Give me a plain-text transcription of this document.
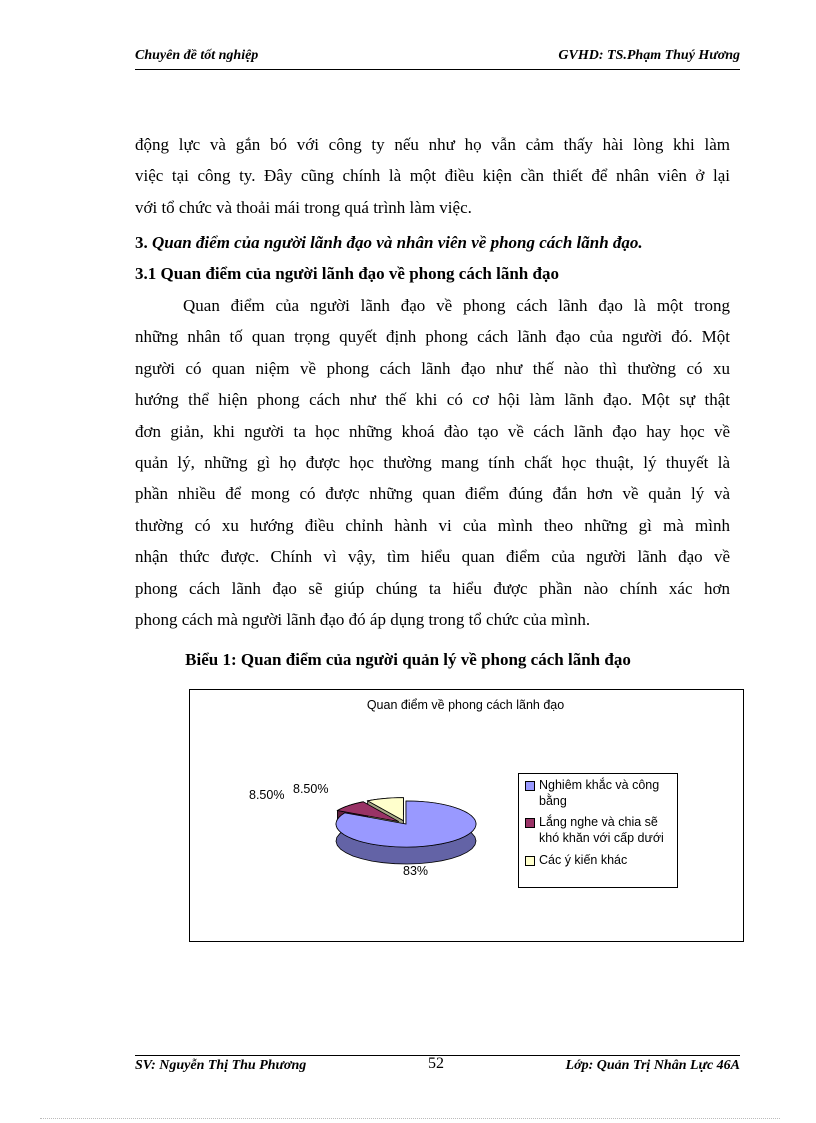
Chuyên đề tốt nghiệp	GVHD: TS.Phạm Thuý Hương
động lực và gắn bó với công ty nếu như họ vẫn cảm thấy hài lòng khi làm
việc tại công ty. Đây cũng chính là một điều kiện cần thiết để nhân viên ở lại
với tổ chức và thoải mái trong quá trình làm việc.
3. Quan điểm của người lãnh đạo và nhân viên về phong cách lãnh đạo.
3.1 Quan điểm của người lãnh đạo về phong cách lãnh đạo
Quan điểm của người lãnh đạo về phong cách lãnh đạo là một trong
những nhân tố quan trọng quyết định phong cách lãnh đạo của người đó. Một
người có quan niệm về phong cách lãnh đạo như thế nào thì thường có xu
hướng thể hiện phong cách như thế khi có cơ hội làm lãnh đạo. Một sự thật
đơn giản, khi người ta học những khoá đào tạo về cách lãnh đạo hay học về
quản lý, những gì họ được học thường mang tính chất học thuật, lý thuyết là
phần nhiều để mong có được những quan điểm đúng đắn hơn về quản lý và
thường có xu hướng điều chỉnh hành vi của mình theo những gì mà mình
nhận thức được. Chính vì vậy, tìm hiểu quan điểm của người lãnh đạo về
phong cách lãnh đạo sẽ giúp chúng ta hiểu được phần nào chính xác hơn
phong cách mà người lãnh đạo đó áp dụng trong tổ chức của mình.
Biểu 1: Quan điểm của người quản lý về phong cách lãnh đạo
Quan điểm về phong cách lãnh đạo
83%
8.50% 8.50%	Nghiêm khắc và công
bằng
Lắng nghe và chia sẽ
khó khăn với cấp dưới
Các ý kiến khác
SV: Nguyễn Thị Thu Phương	52	Lớp: Quản Trị Nhân Lực 46A
